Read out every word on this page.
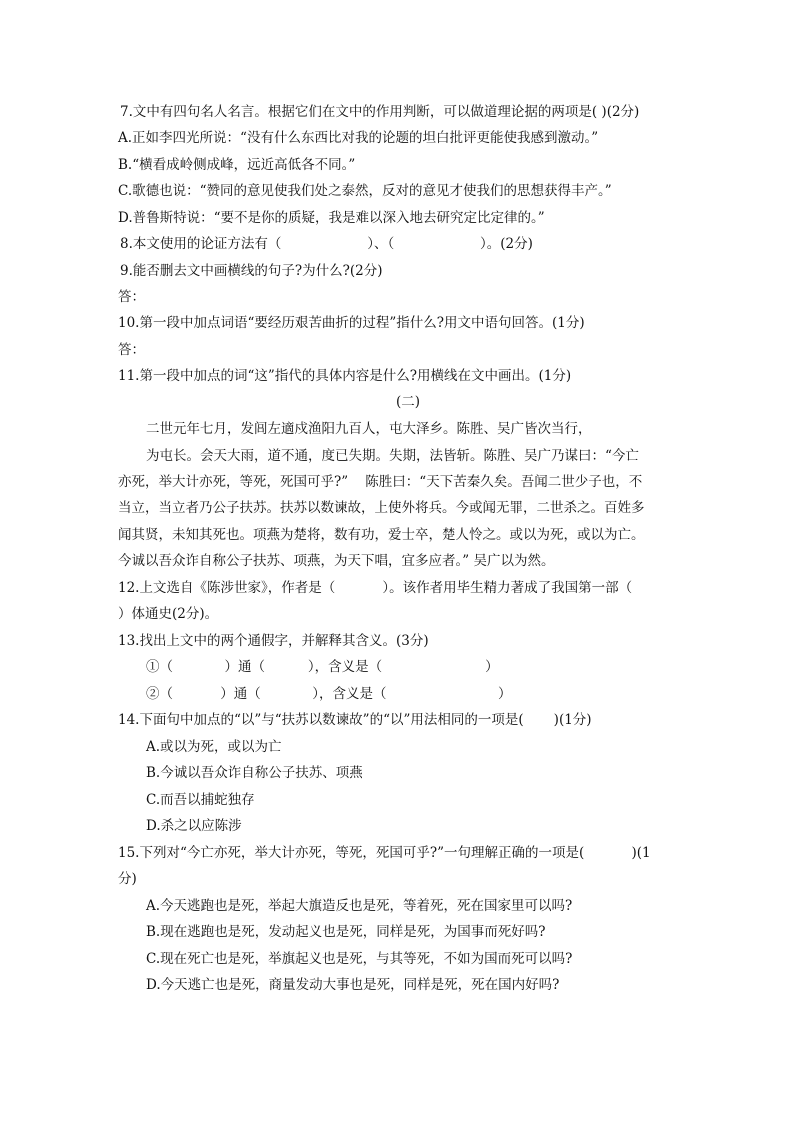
7.文中有四句名人名言。根据它们在文中的作用判断，可以做道理论据的两项是( )(2分)
A.正如李四光所说：“没有什么东西比对我的论题的坦白批评更能使我感到激动。”
B.“横看成岭侧成峰，远近高低各不同。”
C.歌德也说：“赞同的意见使我们处之泰然，反对的意见才使我们的思想获得丰产。”
D.普鲁斯特说：“要不是你的质疑，我是难以深入地去研究定比定律的。”
8.本文使用的论证方法有（                    ）、（                    ）。(2分)
9.能否删去文中画横线的句子?为什么?(2分)
答：
10.第一段中加点词语“要经历艰苦曲折的过程”指什么?用文中语句回答。(1分)
答：
11.第一段中加点的词“这”指代的具体内容是什么?用横线在文中画出。(1分)
(二)
二世元年七月，发闾左適戍渔阳九百人，屯大泽乡。陈胜、吴广皆次当行，
为屯长。会天大雨，道不通，度已失期。失期，法皆斩。陈胜、吴广乃谋曰：“今亡
亦死，举大计亦死，等死，死国可乎?”    陈胜曰：“天下苦秦久矣。吾闻二世少子也，不
当立，当立者乃公子扶苏。扶苏以数谏故，上使外将兵。今或闻无罪，二世杀之。百姓多
闻其贤，未知其死也。项燕为楚将，数有功，爱士卒，楚人怜之。或以为死，或以为亡。
今诚以吾众诈自称公子扶苏、项燕，为天下唱，宜多应者。” 吴广以为然。
12.上文选自《陈涉世家》，作者是（           ）。该作者用毕生精力著成了我国第一部（
）体通史(2分)。
13.找出上文中的两个通假字，并解释其含义。(3分)
①（            ）通（          ），含义是（                        ）
②（           ）通（            ），含义是（                          ）
14.下面句中加点的“以”与“扶苏以数谏故”的“以”用法相同的一项是(       )(1分)
A.或以为死，或以为亡
B.今诚以吾众诈自称公子扶苏、项燕
C.而吾以捕蛇独存
D.杀之以应陈涉
15.下列对“今亡亦死，举大计亦死，等死，死国可乎?”一句理解正确的一项是(           )(1
分)
A.今天逃跑也是死，举起大旗造反也是死，等着死，死在国家里可以吗?
B.现在逃跑也是死，发动起义也是死，同样是死，为国事而死好吗?
C.现在死亡也是死，举旗起义也是死，与其等死，不如为国而死可以吗?
D.今天逃亡也是死，商量发动大事也是死，同样是死，死在国内好吗?
